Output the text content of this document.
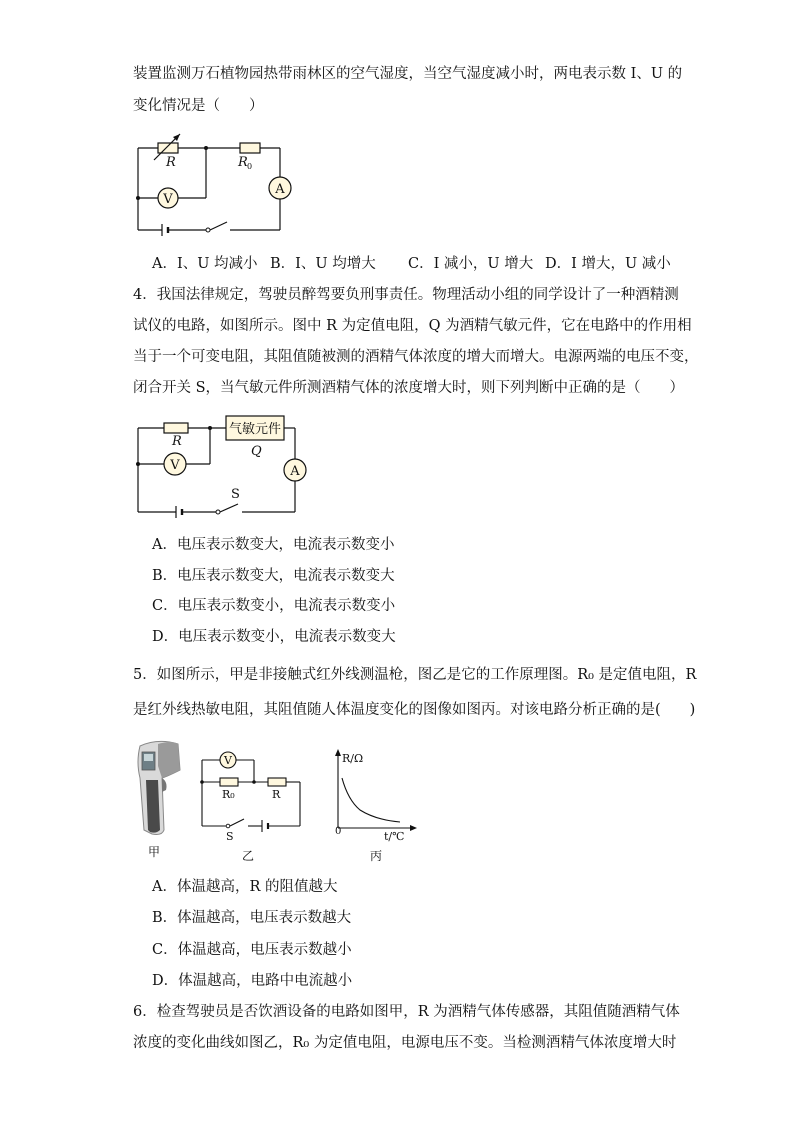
装置监测万石植物园热带雨林区的空气湿度，当空气湿度减小时，两电表示数 I、U 的
变化情况是（　　）
V
A
R	R 0
A．I、U 均减小 B．I、U 均增大 C．I 减小，U 增大 D．I 增大，U 减小
4．我国法律规定，驾驶员醉驾要负刑事责任。物理活动小组的同学设计了一种酒精测
试仪的电路，如图所示。图中 R 为定值电阻，Q 为酒精气敏元件，它在电路中的作用相
当于一个可变电阻，其阻值随被测的酒精气体浓度的增大而增大。电源两端的电压不变，
闭合开关 S，当气敏元件所测酒精气体的浓度增大时，则下列判断中正确的是（　　）
V	A
R
气敏元件
Q
S
A．电压表示数变大，电流表示数变小
B．电压表示数变大，电流表示数变大
C．电压表示数变小，电流表示数变小
D．电压表示数变小，电流表示数变大
5．如图所示，甲是非接触式红外线测温枪，图乙是它的工作原理图。R₀ 是定值电阻，R
是红外线热敏电阻，其阻值随人体温度变化的图像如图丙。对该电路分析正确的是(　　)
甲
V
R₀	R
S
乙
R/Ω
t/℃
0
丙
A．体温越高，R 的阻值越大
B．体温越高，电压表示数越大
C．体温越高，电压表示数越小
D．体温越高，电路中电流越小
6．检查驾驶员是否饮酒设备的电路如图甲，R 为酒精气体传感器，其阻值随酒精气体
浓度的变化曲线如图乙，R₀ 为定值电阻，电源电压不变。当检测酒精气体浓度增大时
